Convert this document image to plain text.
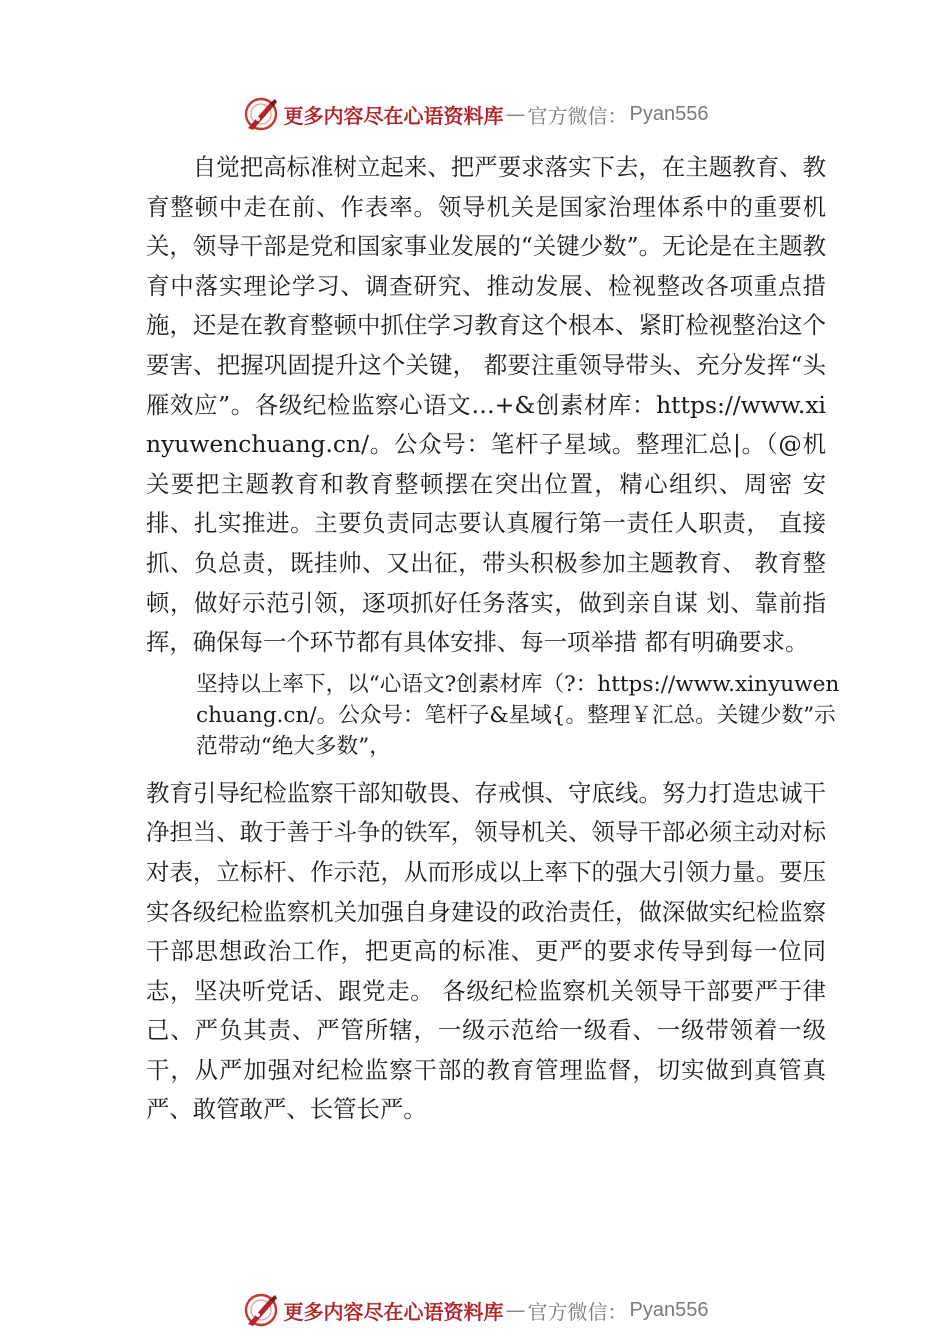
更多内容尽在心语资料库 — 官方微信： Pyan556

自觉把高标准树立起来、把严要求落实下去，在主题教育、教育整顿中走在前、作表率。领导机关是国家治理体系中的重要机关，领导干部是党和国家事业发展的“关键少数”。无论是在主题教育中落实理论学习、调查研究、推动发展、检视整改各项重点措施，还是在教育整顿中抓住学习教育这个根本、紧盯检视整治这个要害、把握巩固提升这个关键， 都要注重领导带头、充分发挥“头雁效应”。各级纪检监察心语文…+&创素材库：https://www.xinyuwenchuang.cn/。公众号：笔杆子星域。整理汇总|。（@机 关要把主题教育和教育整顿摆在突出位置，精心组织、周密 安排、扎实推进。主要负责同志要认真履行第一责任人职责， 直接抓、负总责，既挂帅、又出征，带头积极参加主题教育、 教育整顿，做好示范引领，逐项抓好任务落实，做到亲自谋 划、靠前指挥，确保每一个环节都有具体安排、每一项举措 都有明确要求。

坚持以上率下，以“心语文?创素材库（?：https://www.xinyuwenchuang.cn/。公众号：笔杆子&星域{。整理￥汇总。关键少数”示范带动“绝大多数”，

教育引导纪检监察干部知敬畏、存戒惧、守底线。努力打造忠诚干净担当、敢于善于斗争的铁军，领导机关、领导干部必须主动对标对表，立标杆、作示范，从而形成以上率下的强大引领力量。要压实各级纪检监察机关加强自身建设的政治责任，做深做实纪检监察干部思想政治工作，把更高的标准、更严的要求传导到每一位同志，坚决听党话、跟党走。 各级纪检监察机关领导干部要严于律己、严负其责、严管所辖，一级示范给一级看、一级带领着一级干，从严加强对纪检监察干部的教育管理监督，切实做到真管真严、敢管敢严、长管长严。

更多内容尽在心语资料库 — 官方微信： Pyan556
